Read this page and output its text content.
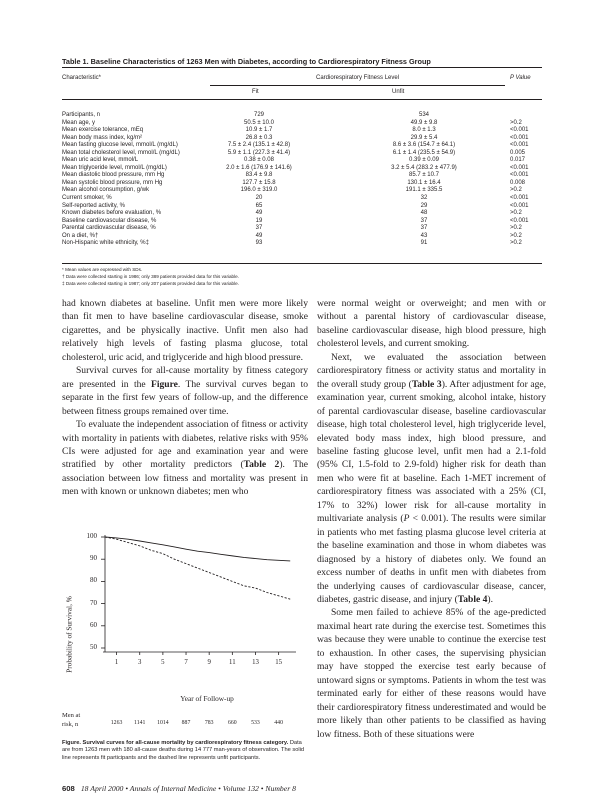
Table 1. Baseline Characteristics of 1263 Men with Diabetes, according to Cardiorespiratory Fitness Group
Characteristic*	Cardiorespiratory Fitness Level	P Value
Fit	Unfit
Participants, n	729	534
Mean age, y	50.5 ± 10.0	49.9 ± 9.8	>0.2
Mean exercise tolerance, mEq	10.9 ± 1.7	8.0 ± 1.3	<0.001
Mean body mass index, kg/m²	26.8 ± 0.3	29.9 ± 5.4	<0.001
Mean fasting glucose level, mmol/L (mg/dL)	7.5 ± 2.4 (135.1 ± 42.8)	8.6 ± 3.6 (154.7 ± 64.1)	<0.001
Mean total cholesterol level, mmol/L (mg/dL)	5.9 ± 1.1 (227.3 ± 41.4)	6.1 ± 1.4 (235.5 ± 54.9)	0.005
Mean uric acid level, mmol/L	0.38 ± 0.08	0.39 ± 0.09	0.017
Mean triglyceride level, mmol/L (mg/dL)	2.0 ± 1.6 (176.9 ± 141.6)	3.2 ± 5.4 (283.2 ± 477.9)	<0.001
Mean diastolic blood pressure, mm Hg	83.4 ± 9.8	85.7 ± 10.7	<0.001
Mean systolic blood pressure, mm Hg	127.7 ± 15.8	130.1 ± 16.4	0.008
Mean alcohol consumption, g/wk	196.0 ± 319.0	191.1 ± 335.5	>0.2
Current smoker, %	20	32	<0.001
Self-reported activity, %	65	29	<0.001
Known diabetes before evaluation, %	49	48	>0.2
Baseline cardiovascular disease, %	19	37	<0.001
Parental cardiovascular disease, %	37	37	>0.2
On a diet, %†	49	43	>0.2
Non-Hispanic white ethnicity, %‡	93	91	>0.2
* Mean values are expressed with SDs.
† Data were collected starting in 1986; only 389 patients provided data for this variable.
‡ Data were collected starting in 1987; only 207 patients provided data for this variable.

had known diabetes at baseline. Unfit men were more likely than fit men to have baseline cardiovascular disease, smoke cigarettes, and be physically inactive. Unfit men also had relatively high levels of fasting plasma glucose, total cholesterol, uric acid, and triglyceride and high blood pressure.

Survival curves for all-cause mortality by fitness category are presented in the Figure. The survival curves began to separate in the first few years of follow-up, and the difference between fitness groups remained over time.

To evaluate the independent association of fitness or activity with mortality in patients with diabetes, relative risks with 95% CIs were adjusted for age and examination year and were stratified by other mortality predictors (Table 2). The association between low fitness and mortality was present in men with known or unknown diabetes; men who

Probability of Survival, %
Year of Follow-up
Men at
risk, n
50
60
70
80
90
100
1	3	5	7	9	11	13	15
1263	1141	1014	887	783	660	533	440
Figure. Survival curves for all-cause mortality by cardiorespiratory fitness category. Data are from 1263 men with 180 all-cause deaths during 14 777 man-years of observation. The solid line represents fit participants and the dashed line represents unfit participants.

were normal weight or overweight; and men with or without a parental history of cardiovascular disease, baseline cardiovascular disease, high blood pressure, high cholesterol levels, and current smoking.

Next, we evaluated the association between cardiorespiratory fitness or activity status and mortality in the overall study group (Table 3). After adjustment for age, examination year, current smoking, alcohol intake, history of parental cardiovascular disease, baseline cardiovascular disease, high total cholesterol level, high triglyceride level, elevated body mass index, high blood pressure, and baseline fasting glucose level, unfit men had a 2.1-fold (95% CI, 1.5-fold to 2.9-fold) higher risk for death than men who were fit at baseline. Each 1-MET increment of cardiorespiratory fitness was associated with a 25% (CI, 17% to 32%) lower risk for all-cause mortality in multivariate analysis (P < 0.001). The results were similar in patients who met fasting plasma glucose level criteria at the baseline examination and those in whom diabetes was diagnosed by a history of diabetes only. We found an excess number of deaths in unfit men with diabetes from the underlying causes of cardiovascular disease, cancer, diabetes, gastric disease, and injury (Table 4).

Some men failed to achieve 85% of the age-predicted maximal heart rate during the exercise test. Sometimes this was because they were unable to continue the exercise test to exhaustion. In other cases, the supervising physician may have stopped the exercise test early because of untoward signs or symptoms. Patients in whom the test was terminated early for either of these reasons would have their cardiorespiratory fitness underestimated and would be more likely than other patients to be classified as having low fitness. Both of these situations were

608 18 April 2000 • Annals of Internal Medicine • Volume 132 • Number 8
